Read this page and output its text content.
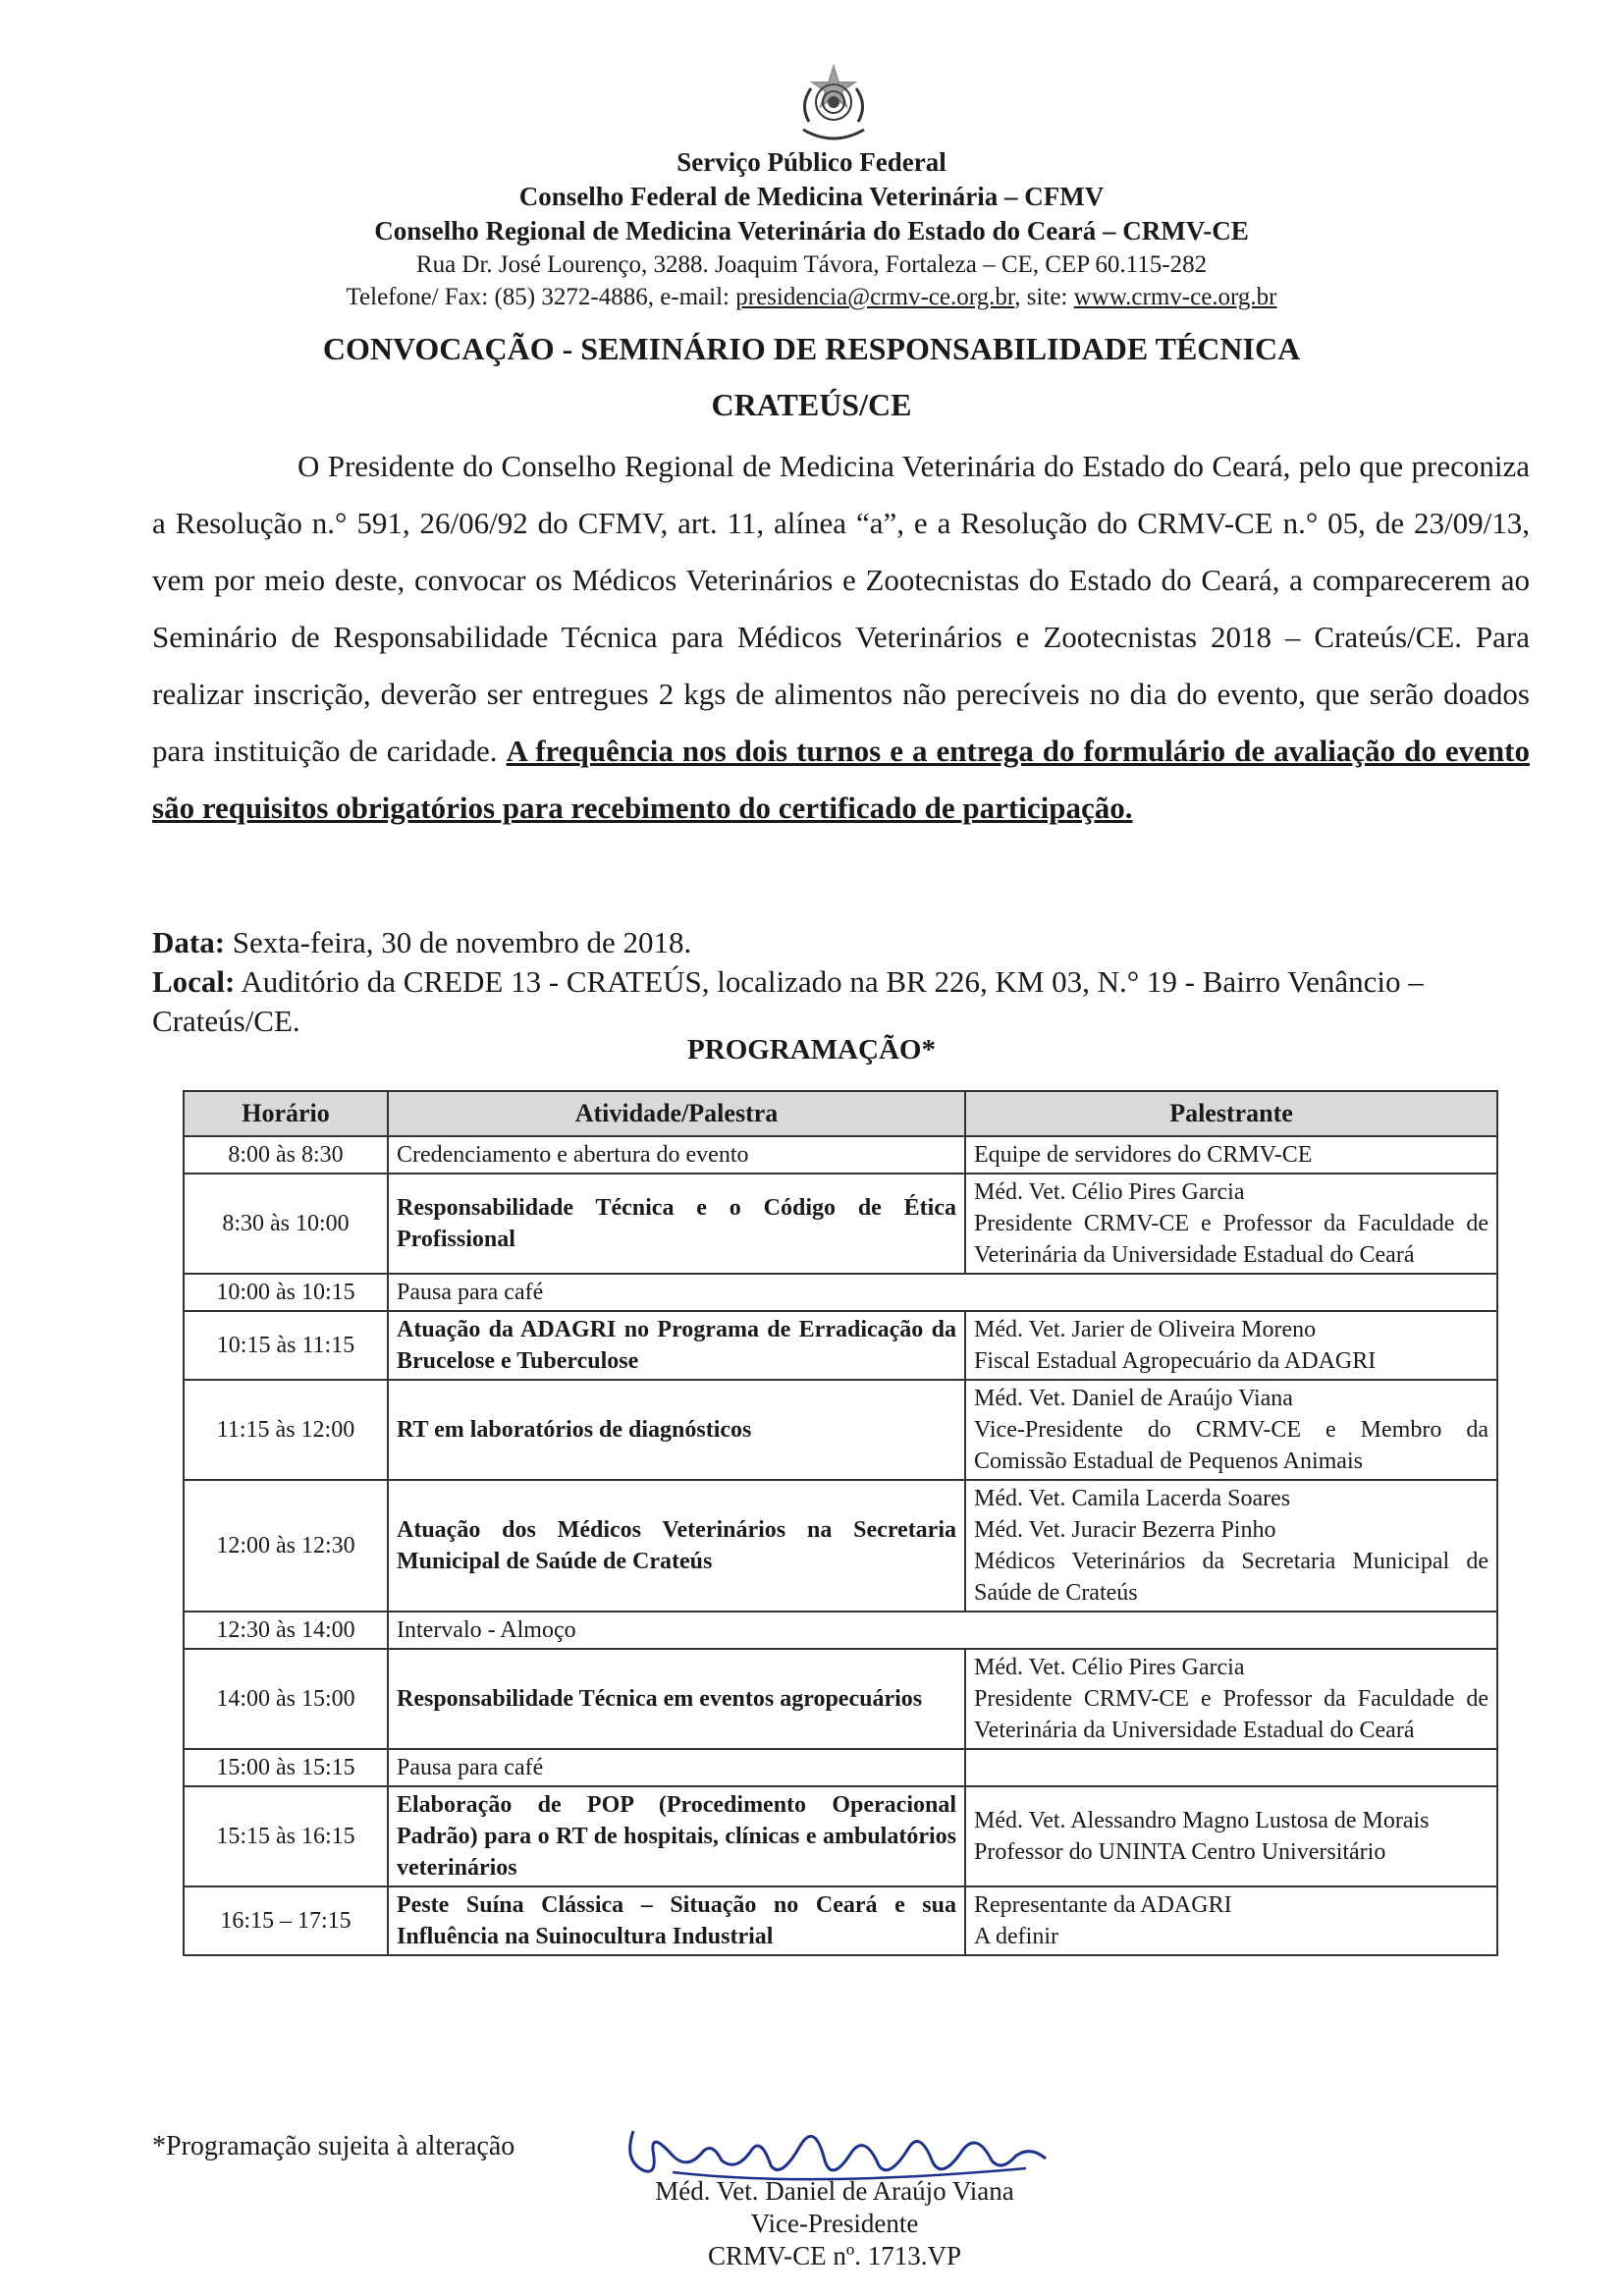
Serviço Público Federal
Conselho Federal de Medicina Veterinária – CFMV
Conselho Regional de Medicina Veterinária do Estado do Ceará – CRMV-CE
Rua Dr. José Lourenço, 3288. Joaquim Távora, Fortaleza – CE, CEP 60.115-282
Telefone/ Fax: (85) 3272-4886, e-mail: presidencia@crmv-ce.org.br, site: www.crmv-ce.org.br
CONVOCAÇÃO - SEMINÁRIO DE RESPONSABILIDADE TÉCNICA
CRATEÚS/CE
O Presidente do Conselho Regional de Medicina Veterinária do Estado do Ceará, pelo que preconiza a Resolução n.° 591, 26/06/92 do CFMV, art. 11, alínea “a”, e a Resolução do CRMV-CE n.° 05, de 23/09/13, vem por meio deste, convocar os Médicos Veterinários e Zootecnistas do Estado do Ceará, a comparecerem ao Seminário de Responsabilidade Técnica para Médicos Veterinários e Zootecnistas 2018 – Crateús/CE. Para realizar inscrição, deverão ser entregues 2 kgs de alimentos não perecíveis no dia do evento, que serão doados para instituição de caridade. A frequência nos dois turnos e a entrega do formulário de avaliação do evento são requisitos obrigatórios para recebimento do certificado de participação.
Data: Sexta-feira, 30 de novembro de 2018.
Local: Auditório da CREDE 13 - CRATEÚS, localizado na BR 226, KM 03, N.° 19 - Bairro Venâncio – Crateús/CE.
PROGRAMAÇÃO*
Horário	Atividade/Palestra	Palestrante
8:00 às 8:30	Credenciamento e abertura do evento	Equipe de servidores do CRMV-CE

8:30 às 10:00	Responsabilidade Técnica e o Código de Ética Profissional	Méd. Vet. Célio Pires Garcia
Presidente CRMV-CE e Professor da Faculdade de Veterinária da Universidade Estadual do Ceará

10:00 às 10:15	Pausa para café	
10:15 às 11:15	Atuação da ADAGRI no Programa de Erradicação da Brucelose e Tuberculose	Méd. Vet. Jarier de Oliveira Moreno
Fiscal Estadual Agropecuário da ADAGRI

11:15 às 12:00	RT em laboratórios de diagnósticos	Méd. Vet. Daniel de Araújo Viana
Vice-Presidente do CRMV-CE e Membro da Comissão Estadual de Pequenos Animais

12:00 às 12:30	Atuação dos Médicos Veterinários na Secretaria Municipal de Saúde de Crateús	Méd. Vet. Camila Lacerda Soares
Méd. Vet. Juracir Bezerra Pinho
Médicos Veterinários da Secretaria Municipal de Saúde de Crateús

12:30 às 14:00	Intervalo - Almoço	
14:00 às 15:00	Responsabilidade Técnica em eventos agropecuários	Méd. Vet. Célio Pires Garcia
Presidente CRMV-CE e Professor da Faculdade de Veterinária da Universidade Estadual do Ceará

15:00 às 15:15	Pausa para café	
15:15 às 16:15	Elaboração de POP (Procedimento Operacional Padrão) para o RT de hospitais, clínicas e ambulatórios veterinários	Méd. Vet. Alessandro Magno Lustosa de Morais
Professor do UNINTA Centro Universitário

16:15 – 17:15	Peste Suína Clássica – Situação no Ceará e sua Influência na Suinocultura Industrial	Representante da ADAGRI
A definir
*Programação sujeita à alteração
Méd. Vet. Daniel de Araújo Viana
Vice-Presidente
CRMV-CE nº. 1713.VP
